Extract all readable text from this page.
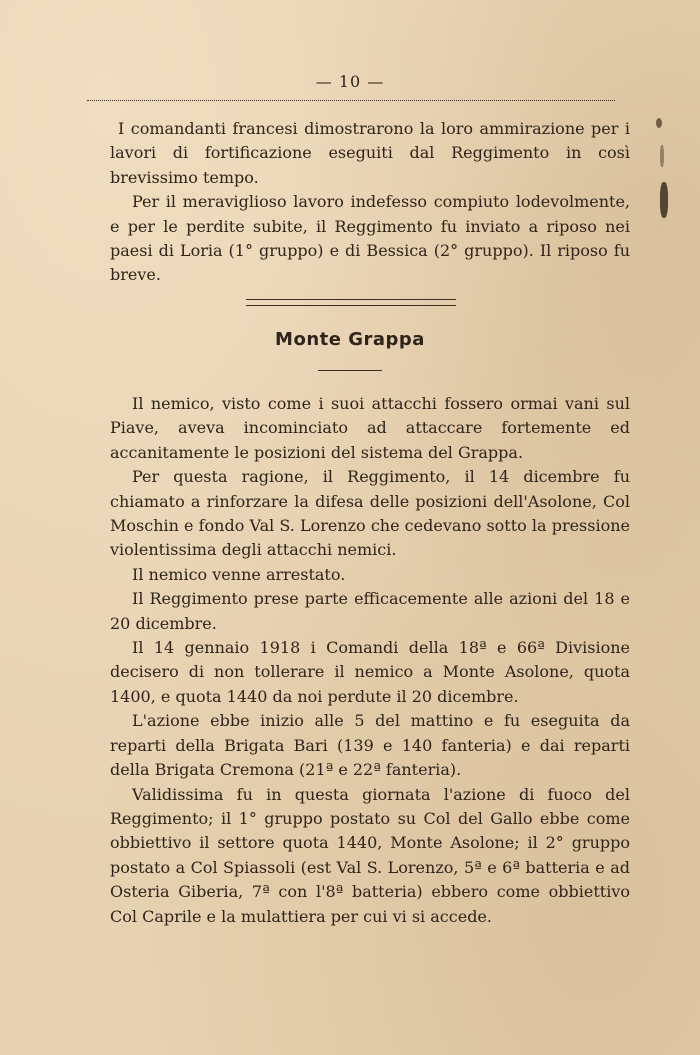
— 10 —

I comandanti francesi dimostrarono la loro ammirazione per i lavori di fortificazione eseguiti dal Reggimento in così brevissimo tempo.

Per il meraviglioso lavoro indefesso compiuto lodevolmente, e per le perdite subite, il Reggimento fu inviato a riposo nei paesi di Loria (1° gruppo) e di Bessica (2° gruppo). Il riposo fu breve.

Monte Grappa

Il nemico, visto come i suoi attacchi fossero ormai vani sul Piave, aveva incominciato ad attaccare fortemente ed accanitamente le posizioni del sistema del Grappa.

Per questa ragione, il Reggimento, il 14 dicembre fu chiamato a rinforzare la difesa delle posizioni dell'Asolone, Col Moschin e fondo Val S. Lorenzo che cedevano sotto la pressione violentissima degli attacchi nemici.

Il nemico venne arrestato.

Il Reggimento prese parte efficacemente alle azioni del 18 e 20 dicembre.

Il 14 gennaio 1918 i Comandi della 18ª e 66ª Divisione decisero di non tollerare il nemico a Monte Asolone, quota 1400, e quota 1440 da noi perdute il 20 dicembre.

L'azione ebbe inizio alle 5 del mattino e fu eseguita da reparti della Brigata Bari (139 e 140 fanteria) e dai reparti della Brigata Cremona (21ª e 22ª fanteria).

Validissima fu in questa giornata l'azione di fuoco del Reggimento; il 1° gruppo postato su Col del Gallo ebbe come obbiettivo il settore quota 1440, Monte Asolone; il 2° gruppo postato a Col Spiassoli (est Val S. Lorenzo, 5ª e 6ª batteria e ad Osteria Giberia, 7ª con l'8ª batteria) ebbero come obbiettivo Col Caprile e la mulattiera per cui vi si accede.
